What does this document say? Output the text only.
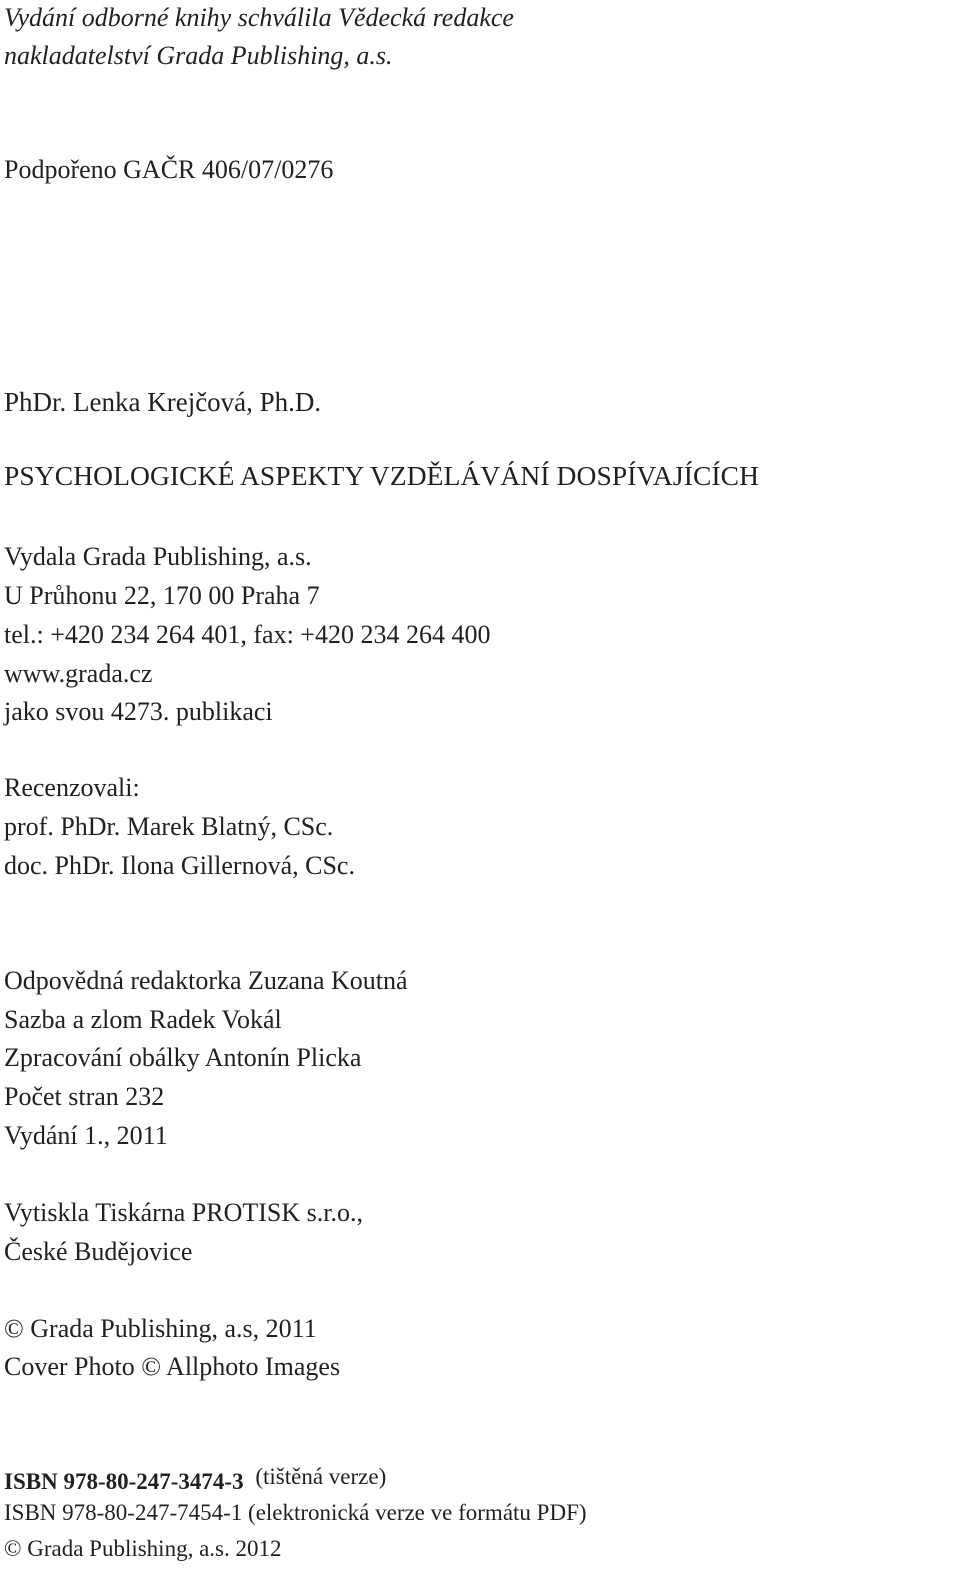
Vydání odborné knihy schválila Vědecká redakce
nakladatelství Grada Publishing, a.s.
Podpořeno GAČR 406/07/0276
PhDr. Lenka Krejčová, Ph.D.
PSYCHOLOGICKÉ ASPEKTY VZDĚLÁVÁNÍ DOSPÍVAJÍCÍCH
Vydala Grada Publishing, a.s.
U Průhonu 22, 170 00 Praha 7
tel.: +420 234 264 401, fax: +420 234 264 400
www.grada.cz
jako svou 4273. publikaci
Recenzovali:
prof. PhDr. Marek Blatný, CSc.
doc. PhDr. Ilona Gillernová, CSc.
Odpovědná redaktorka Zuzana Koutná
Sazba a zlom Radek Vokál
Zpracování obálky Antonín Plicka
Počet stran 232
Vydání 1., 2011
Vytiskla Tiskárna PROTISK s.r.o.,
České Budějovice
© Grada Publishing, a.s, 2011
Cover Photo © Allphoto Images
ISBN 978-80-247-3474-3 (tištěná verze)
ISBN 978-80-247-7454-1 (elektronická verze ve formátu PDF)
© Grada Publishing, a.s. 2012
